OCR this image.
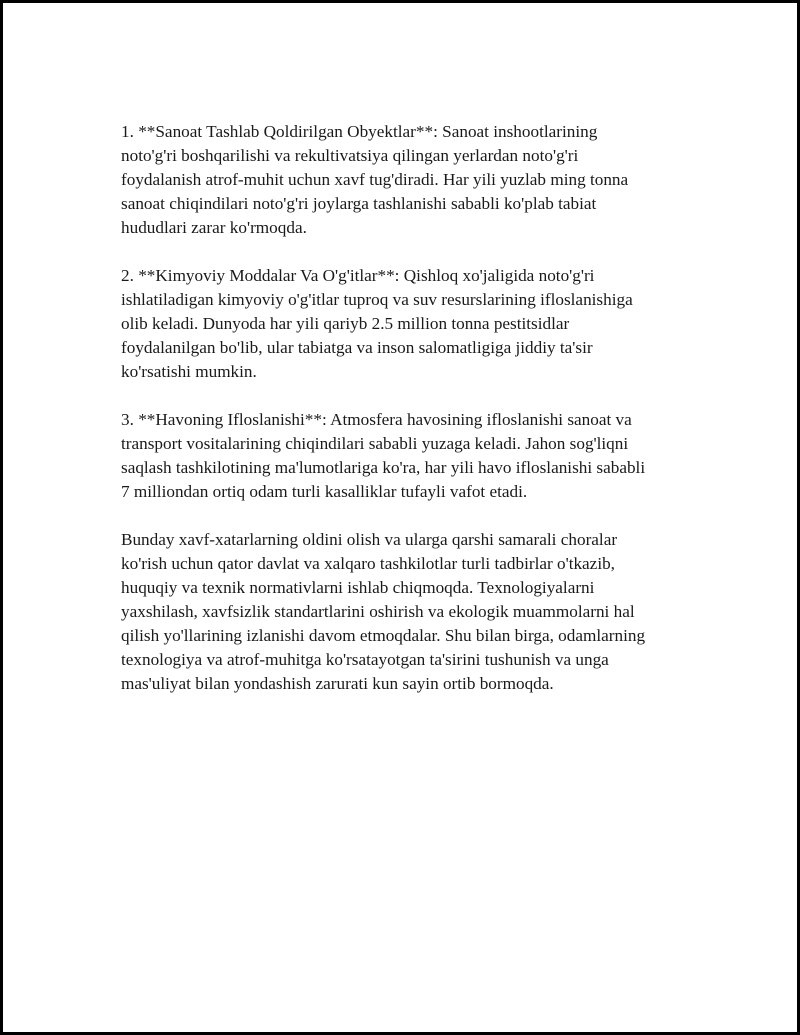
1. **Sanoat Tashlab Qoldirilgan Obyektlar**: Sanoat inshootlarining
noto'g'ri boshqarilishi va rekultivatsiya qilingan yerlardan noto'g'ri
foydalanish atrof-muhit uchun xavf tug'diradi. Har yili yuzlab ming tonna
sanoat chiqindilari noto'g'ri joylarga tashlanishi sababli ko'plab tabiat
hududlari zarar ko'rmoqda.

2. **Kimyoviy Moddalar Va O'g'itlar**: Qishloq xo'jaligida noto'g'ri
ishlatiladigan kimyoviy o'g'itlar tuproq va suv resurslarining ifloslanishiga
olib keladi. Dunyoda har yili qariyb 2.5 million tonna pestitsidlar
foydalanilgan bo'lib, ular tabiatga va inson salomatligiga jiddiy ta'sir
ko'rsatishi mumkin.

3. **Havoning Ifloslanishi**: Atmosfera havosining ifloslanishi sanoat va
transport vositalarining chiqindilari sababli yuzaga keladi. Jahon sog'liqni
saqlash tashkilotining ma'lumotlariga ko'ra, har yili havo ifloslanishi sababli
7 milliondan ortiq odam turli kasalliklar tufayli vafot etadi.

Bunday xavf-xatarlarning oldini olish va ularga qarshi samarali choralar
ko'rish uchun qator davlat va xalqaro tashkilotlar turli tadbirlar o'tkazib,
huquqiy va texnik normativlarni ishlab chiqmoqda. Texnologiyalarni
yaxshilash, xavfsizlik standartlarini oshirish va ekologik muammolarni hal
qilish yo'llarining izlanishi davom etmoqdalar. Shu bilan birga, odamlarning
texnologiya va atrof-muhitga ko'rsatayotgan ta'sirini tushunish va unga
mas'uliyat bilan yondashish zarurati kun sayin ortib bormoqda.
